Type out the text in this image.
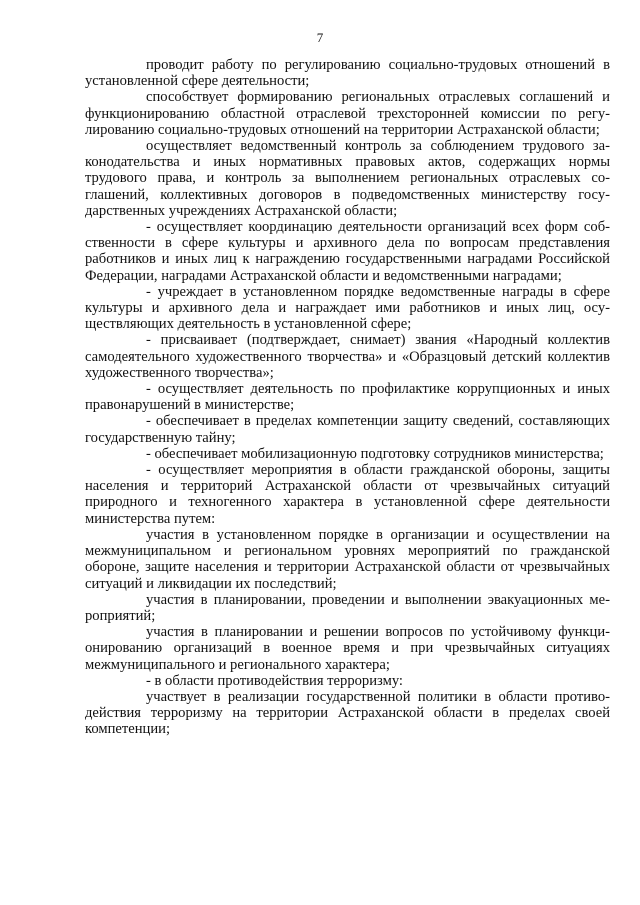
7

проводит работу по регулированию социально-трудовых отношений в установленной сфере деятельности;

способствует формированию региональных отраслевых соглашений и функционированию областной отраслевой трехсторонней комиссии по регулированию социально-трудовых отношений на территории Астраханской области;

осуществляет ведомственный контроль за соблюдением трудового законодательства и иных нормативных правовых актов, содержащих нормы трудового права, и контроль за выполнением региональных отраслевых соглашений, коллективных договоров в подведомственных министерству государственных учреждениях Астраханской области;

- осуществляет координацию деятельности организаций всех форм собственности в сфере культуры и архивного дела по вопросам представления работников и иных лиц к награждению государственными наградами Российской Федерации, наградами Астраханской области и ведомственными наградами;

- учреждает в установленном порядке ведомственные награды в сфере культуры и архивного дела и награждает ими работников и иных лиц, осуществляющих деятельность в установленной сфере;

- присваивает (подтверждает, снимает) звания «Народный коллектив самодеятельного художественного творчества» и «Образцовый детский коллектив художественного творчества»;

- осуществляет деятельность по профилактике коррупционных и иных правонарушений в министерстве;

- обеспечивает в пределах компетенции защиту сведений, составляющих государственную тайну;

- обеспечивает мобилизационную подготовку сотрудников министерства;

- осуществляет мероприятия в области гражданской обороны, защиты населения и территорий Астраханской области от чрезвычайных ситуаций природного и техногенного характера в установленной сфере деятельности министерства путем:

участия в установленном порядке в организации и осуществлении на межмуниципальном и региональном уровнях мероприятий по гражданской обороне, защите населения и территории Астраханской области от чрезвычайных ситуаций и ликвидации их последствий;

участия в планировании, проведении и выполнении эвакуационных мероприятий;

участия в планировании и решении вопросов по устойчивому функционированию организаций в военное время и при чрезвычайных ситуациях межмуниципального и регионального характера;

- в области противодействия терроризму:

участвует в реализации государственной политики в области противодействия терроризму на территории Астраханской области в пределах своей компетенции;
